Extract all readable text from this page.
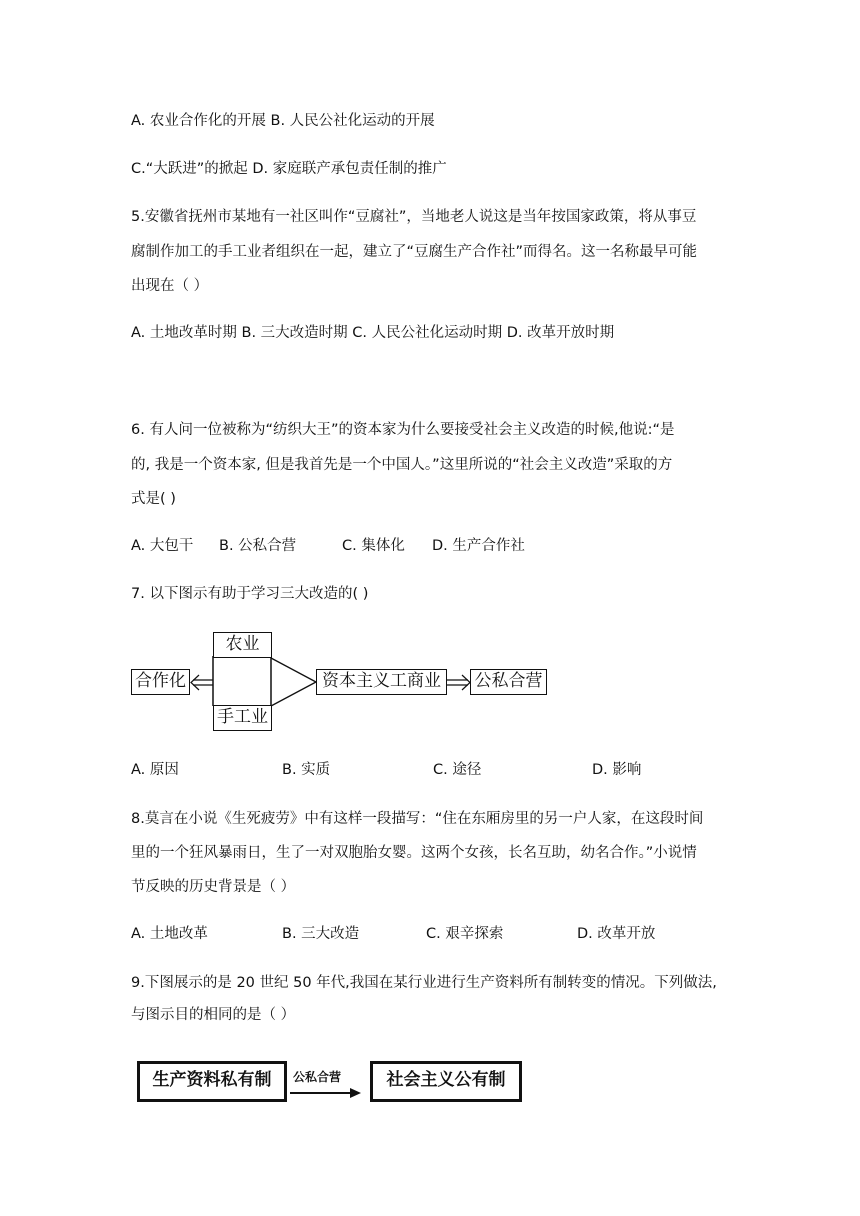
A. 农业合作化的开展 B. 人民公社化运动的开展
C.“大跃进”的掀起 D. 家庭联产承包责任制的推广
5.安徽省抚州市某地有一社区叫作“豆腐社”，当地老人说这是当年按国家政策，将从事豆
腐制作加工的手工业者组织在一起，建立了“豆腐生产合作社”而得名。这一名称最早可能
出现在（ ）
A. 土地改革时期 B. 三大改造时期 C. 人民公社化运动时期 D. 改革开放时期
6. 有人问一位被称为“纺织大王”的资本家为什么要接受社会主义改造的时候,他说:“是
的, 我是一个资本家, 但是我首先是一个中国人。”这里所说的“社会主义改造”采取的方
式是( )
A. 大包干 B. 公私合营	C. 集体化 D. 生产合作社
7. 以下图示有助于学习三大改造的( )
农业
手工业
合作化	资本主义工商业	公私合营
A. 原因	B. 实质	C. 途径	D. 影响
8.莫言在小说《生死疲劳》中有这样一段描写：“住在东厢房里的另一户人家，在这段时间
里的一个狂风暴雨日，生了一对双胞胎女婴。这两个女孩，长名互助，幼名合作。”小说情
节反映的历史背景是（ ）
A. 土地改革	B. 三大改造	C. 艰辛探索	D. 改革开放
9.下图展示的是 20 世纪 50 年代,我国在某行业进行生产资料所有制转变的情况。下列做法,
与图示目的相同的是（ ）
生产资料私有制	公私合营	社会主义公有制
